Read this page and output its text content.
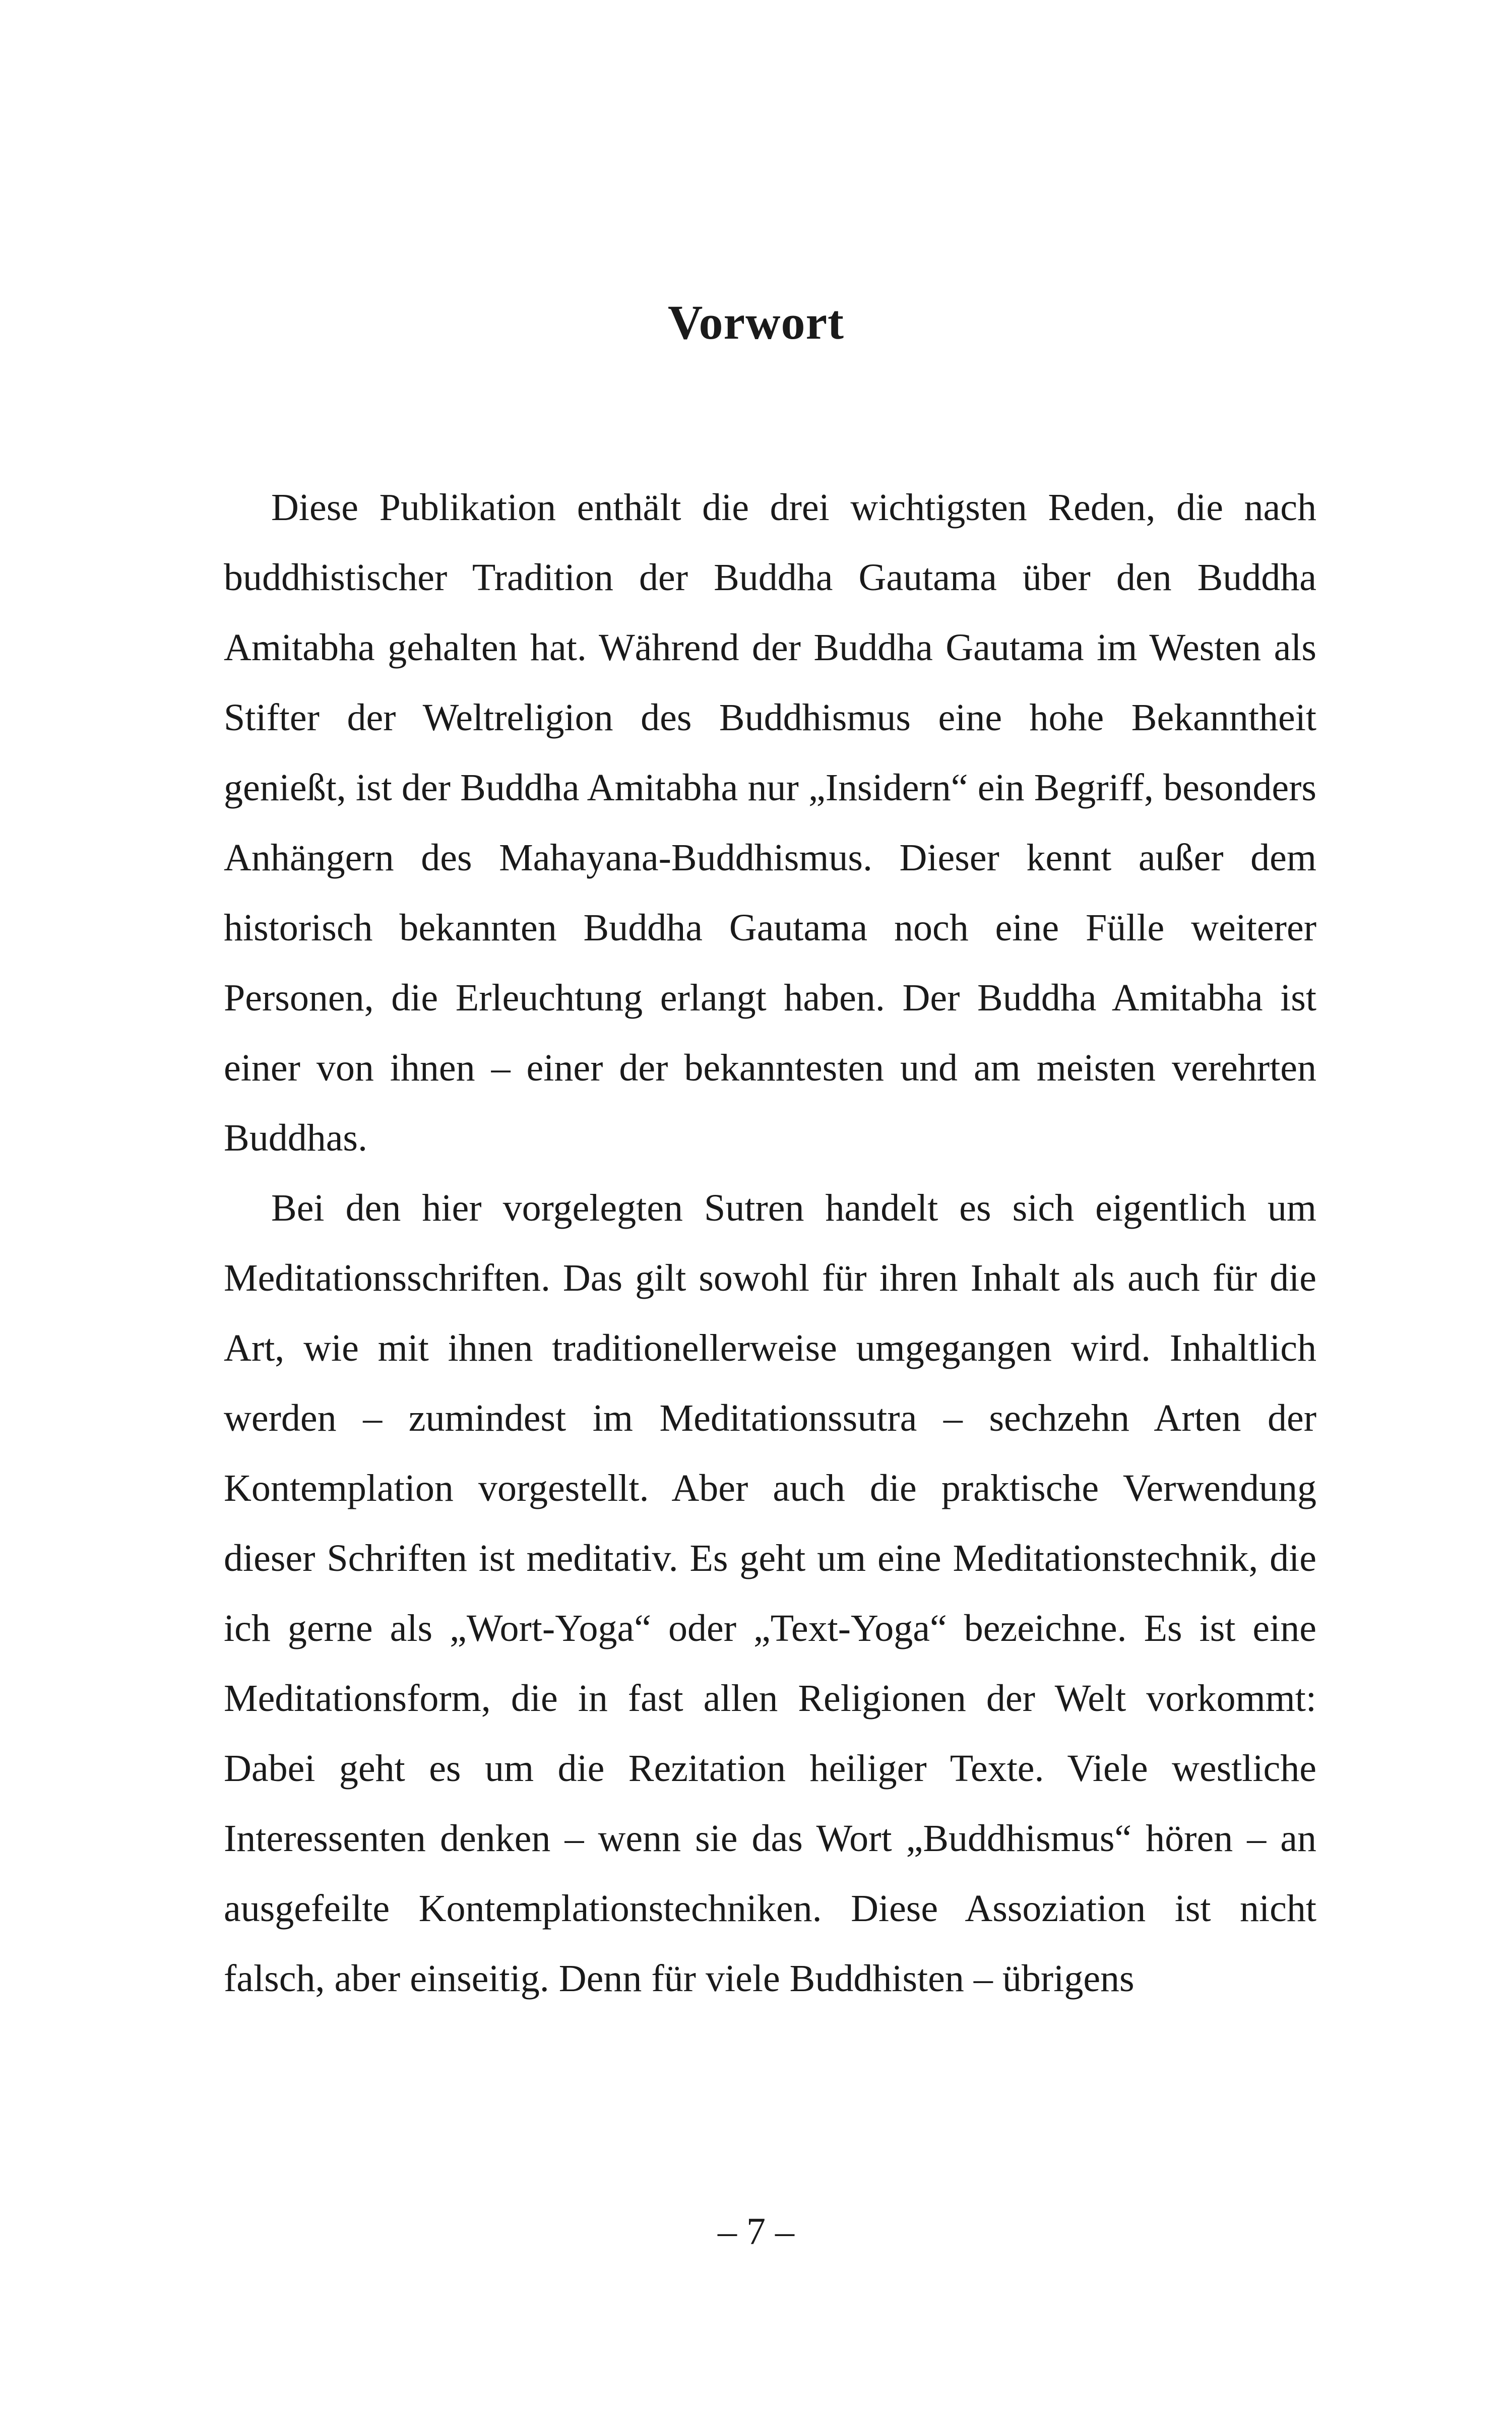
Vorwort

Diese Publikation enthält die drei wichtigsten Reden, die nach buddhistischer Tradition der Buddha Gautama über den Buddha Amitabha gehalten hat. Während der Buddha Gautama im Westen als Stifter der Weltreligion des Buddhismus eine hohe Bekanntheit genießt, ist der Buddha Amitabha nur „Insidern“ ein Begriff, besonders Anhängern des Mahayana-Buddhismus. Dieser kennt außer dem historisch bekannten Buddha Gautama noch eine Fülle weiterer Personen, die Erleuchtung erlangt haben. Der Buddha Amitabha ist einer von ihnen – einer der bekanntesten und am meisten verehrten Buddhas.

Bei den hier vorgelegten Sutren handelt es sich eigentlich um Meditationsschriften. Das gilt sowohl für ihren Inhalt als auch für die Art, wie mit ihnen traditionellerweise umgegangen wird. Inhaltlich werden – zumindest im Meditationssutra – sechzehn Arten der Kontemplation vorgestellt. Aber auch die praktische Verwendung dieser Schriften ist meditativ. Es geht um eine Meditationstechnik, die ich gerne als „Wort-Yoga“ oder „Text-Yoga“ bezeichne. Es ist eine Meditationsform, die in fast allen Religionen der Welt vorkommt: Dabei geht es um die Rezitation heiliger Texte. Viele westliche Interessenten denken – wenn sie das Wort „Buddhismus“ hören – an ausgefeilte Kontemplationstechniken. Diese Assoziation ist nicht falsch, aber einseitig. Denn für viele Buddhisten – übrigens

– 7 –
